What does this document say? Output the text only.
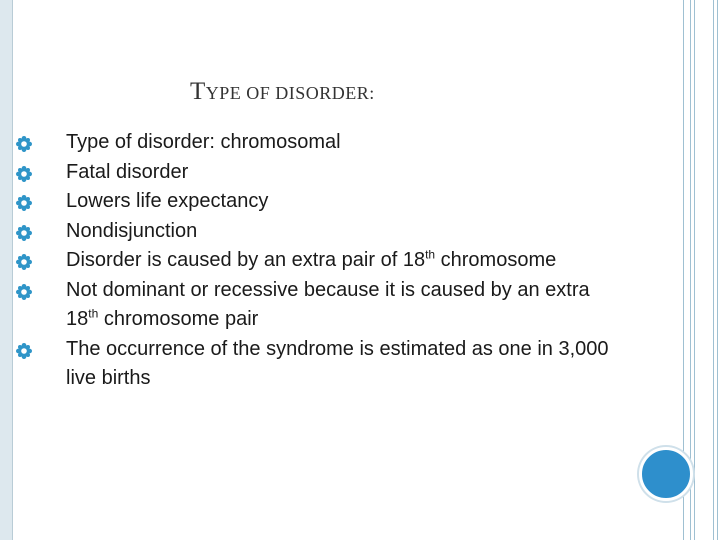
TYPE OF DISORDER:
Type of disorder: chromosomal
Fatal disorder
Lowers life expectancy
Nondisjunction
Disorder is caused by an extra pair of 18th chromosome
Not dominant or recessive because it is caused by an extra 18th chromosome pair
The occurrence of the syndrome is estimated as one in 3,000 live births
